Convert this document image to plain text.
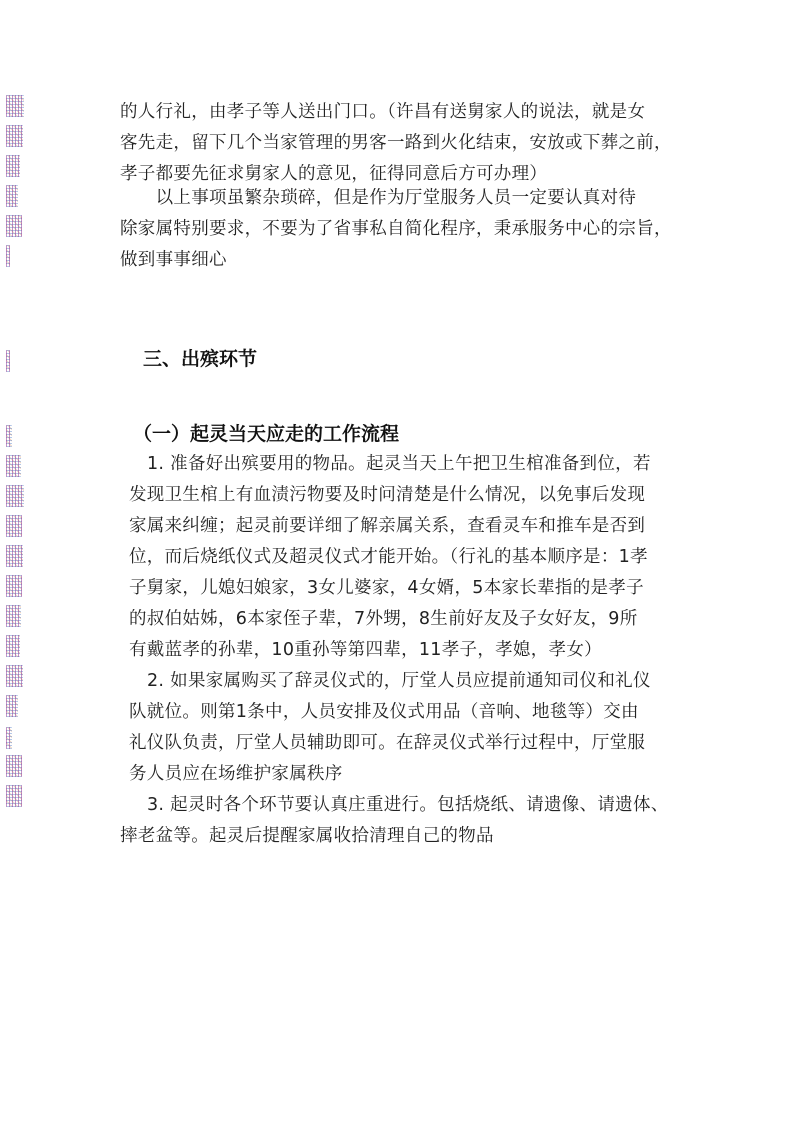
的人行礼，由孝子等人送出门口。（许昌有送舅家人的说法，就是女
客先走，留下几个当家管理的男客一路到火化结束，安放或下葬之前，
孝子都要先征求舅家人的意见，征得同意后方可办理）

　　以上事项虽繁杂琐碎，但是作为厅堂服务人员一定要认真对待
除家属特别要求，不要为了省事私自简化程序，秉承服务中心的宗旨，
做到事事细心

三、出殡环节
（一）起灵当天应走的工作流程

1. 准备好出殡要用的物品。起灵当天上午把卫生棺准备到位，若
发现卫生棺上有血渍污物要及时问清楚是什么情况，以免事后发现
家属来纠缠；起灵前要详细了解亲属关系，查看灵车和推车是否到
位，而后烧纸仪式及超灵仪式才能开始。（行礼的基本顺序是：1孝
子舅家，儿媳妇娘家，3女儿婆家，4女婿，5本家长辈指的是孝子
的叔伯姑姊，6本家侄子辈，7外甥，8生前好友及子女好友，9所
有戴蓝孝的孙辈，10重孙等第四辈，11孝子，孝媳，孝女）

2. 如果家属购买了辞灵仪式的，厅堂人员应提前通知司仪和礼仪
队就位。则第1条中，人员安排及仪式用品（音响、地毯等）交由
礼仪队负责，厅堂人员辅助即可。在辞灵仪式举行过程中，厅堂服
务人员应在场维护家属秩序

3. 起灵时各个环节要认真庄重进行。包括烧纸、请遗像、请遗体、
摔老盆等。起灵后提醒家属收拾清理自己的物品
